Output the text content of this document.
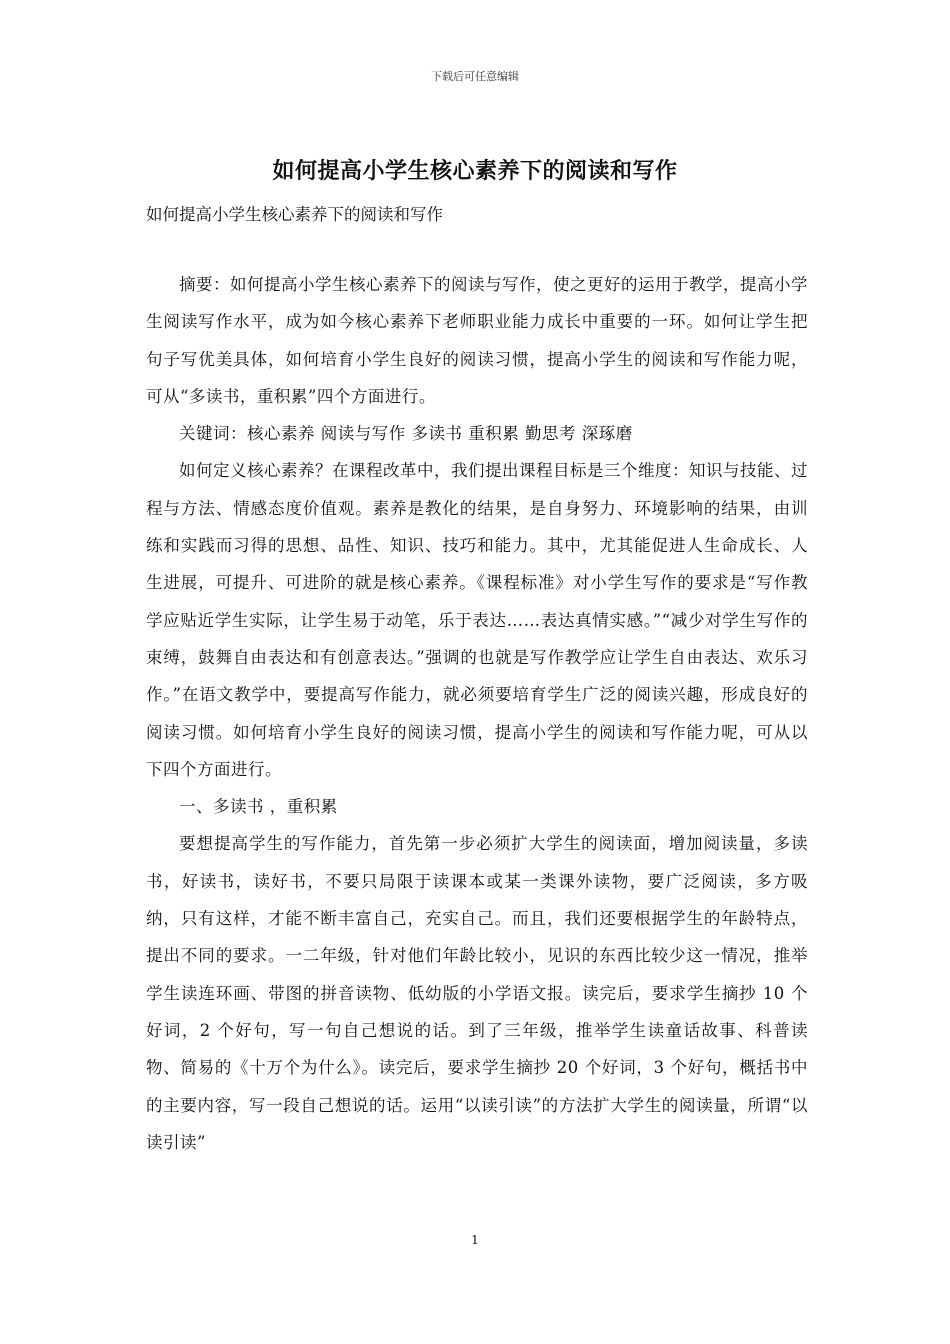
下载后可任意编辑
如何提高小学生核心素养下的阅读和写作
如何提高小学生核心素养下的阅读和写作

摘要：如何提高小学生核心素养下的阅读与写作，使之更好的运用于教学，提高小学生阅读写作水平，成为如今核心素养下老师职业能力成长中重要的一环。如何让学生把句子写优美具体，如何培育小学生良好的阅读习惯，提高小学生的阅读和写作能力呢，可从“多读书，重积累”四个方面进行。

关键词：核心素养 阅读与写作 多读书 重积累 勤思考 深琢磨

如何定义核心素养？在课程改革中，我们提出课程目标是三个维度：知识与技能、过程与方法、情感态度价值观。素养是教化的结果，是自身努力、环境影响的结果，由训练和实践而习得的思想、品性、知识、技巧和能力。其中，尤其能促进人生命成长、人生进展，可提升、可进阶的就是核心素养。《课程标准》对小学生写作的要求是“写作教学应贴近学生实际，让学生易于动笔，乐于表达……表达真情实感。”“减少对学生写作的束缚，鼓舞自由表达和有创意表达。”强调的也就是写作教学应让学生自由表达、欢乐习作。”在语文教学中，要提高写作能力，就必须要培育学生广泛的阅读兴趣，形成良好的阅读习惯。如何培育小学生良好的阅读习惯，提高小学生的阅读和写作能力呢，可从以下四个方面进行。

一、多读书 ，重积累

要想提高学生的写作能力，首先第一步必须扩大学生的阅读面，增加阅读量，多读书，好读书，读好书，不要只局限于读课本或某一类课外读物，要广泛阅读，多方吸纳，只有这样，才能不断丰富自己，充实自己。而且，我们还要根据学生的年龄特点，提出不同的要求。一二年级，针对他们年龄比较小，见识的东西比较少这一情况，推举学生读连环画、带图的拼音读物、低幼版的小学语文报。读完后，要求学生摘抄 10 个好词，2 个好句，写一句自己想说的话。到了三年级，推举学生读童话故事、科普读物、简易的《十万个为什么》。读完后，要求学生摘抄 20 个好词，3 个好句，概括书中的主要内容，写一段自己想说的话。运用“以读引读”的方法扩大学生的阅读量，所谓“以读引读”

1
